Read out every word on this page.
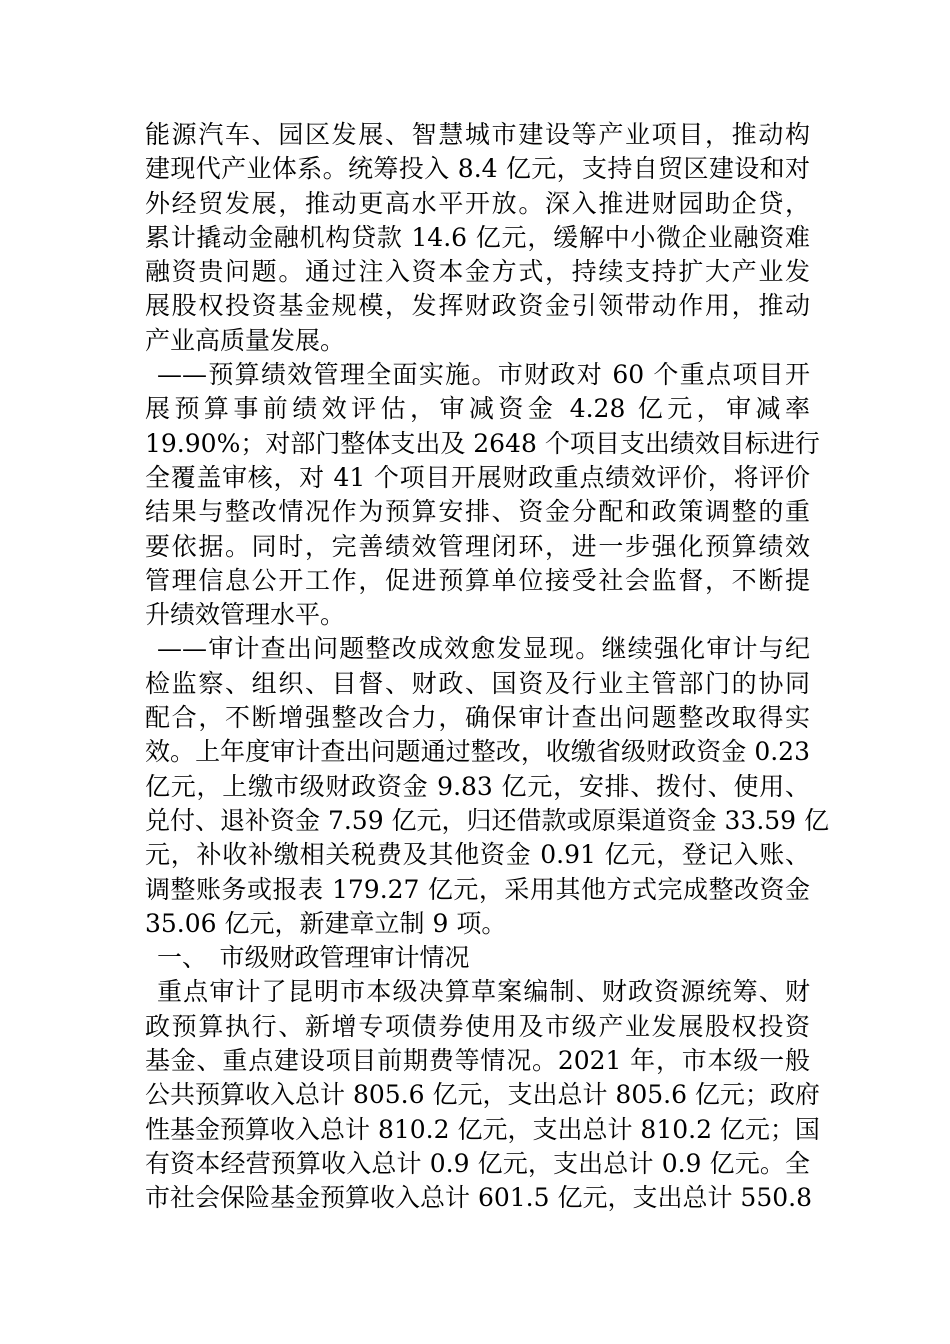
能源汽车、园区发展、智慧城市建设等产业项目，推动构
建现代产业体系。统筹投入 8.4 亿元，支持自贸区建设和对
外经贸发展，推动更高水平开放。深入推进财园助企贷，
累计撬动金融机构贷款 14.6 亿元，缓解中小微企业融资难
融资贵问题。通过注入资本金方式，持续支持扩大产业发
展股权投资基金规模，发挥财政资金引领带动作用，推动
产业高质量发展。
——预算绩效管理全面实施。市财政对 60 个重点项目开
展预算事前绩效评估，审减资金 4.28 亿元，审减率
19.90%；对部门整体支出及 2648 个项目支出绩效目标进行
全覆盖审核，对 41 个项目开展财政重点绩效评价，将评价
结果与整改情况作为预算安排、资金分配和政策调整的重
要依据。同时，完善绩效管理闭环，进一步强化预算绩效
管理信息公开工作，促进预算单位接受社会监督，不断提
升绩效管理水平。
——审计查出问题整改成效愈发显现。继续强化审计与纪
检监察、组织、目督、财政、国资及行业主管部门的协同
配合，不断增强整改合力，确保审计查出问题整改取得实
效。上年度审计查出问题通过整改，收缴省级财政资金 0.23
亿元，上缴市级财政资金 9.83 亿元，安排、拨付、使用、
兑付、退补资金 7.59 亿元，归还借款或原渠道资金 33.59 亿
元，补收补缴相关税费及其他资金 0.91 亿元，登记入账、
调整账务或报表 179.27 亿元，采用其他方式完成整改资金
35.06 亿元，新建章立制 9 项。
一、　市级财政管理审计情况
重点审计了昆明市本级决算草案编制、财政资源统筹、财
政预算执行、新增专项债券使用及市级产业发展股权投资
基金、重点建设项目前期费等情况。2021 年，市本级一般
公共预算收入总计 805.6 亿元，支出总计 805.6 亿元；政府
性基金预算收入总计 810.2 亿元，支出总计 810.2 亿元；国
有资本经营预算收入总计 0.9 亿元，支出总计 0.9 亿元。全
市社会保险基金预算收入总计 601.5 亿元，支出总计 550.8
